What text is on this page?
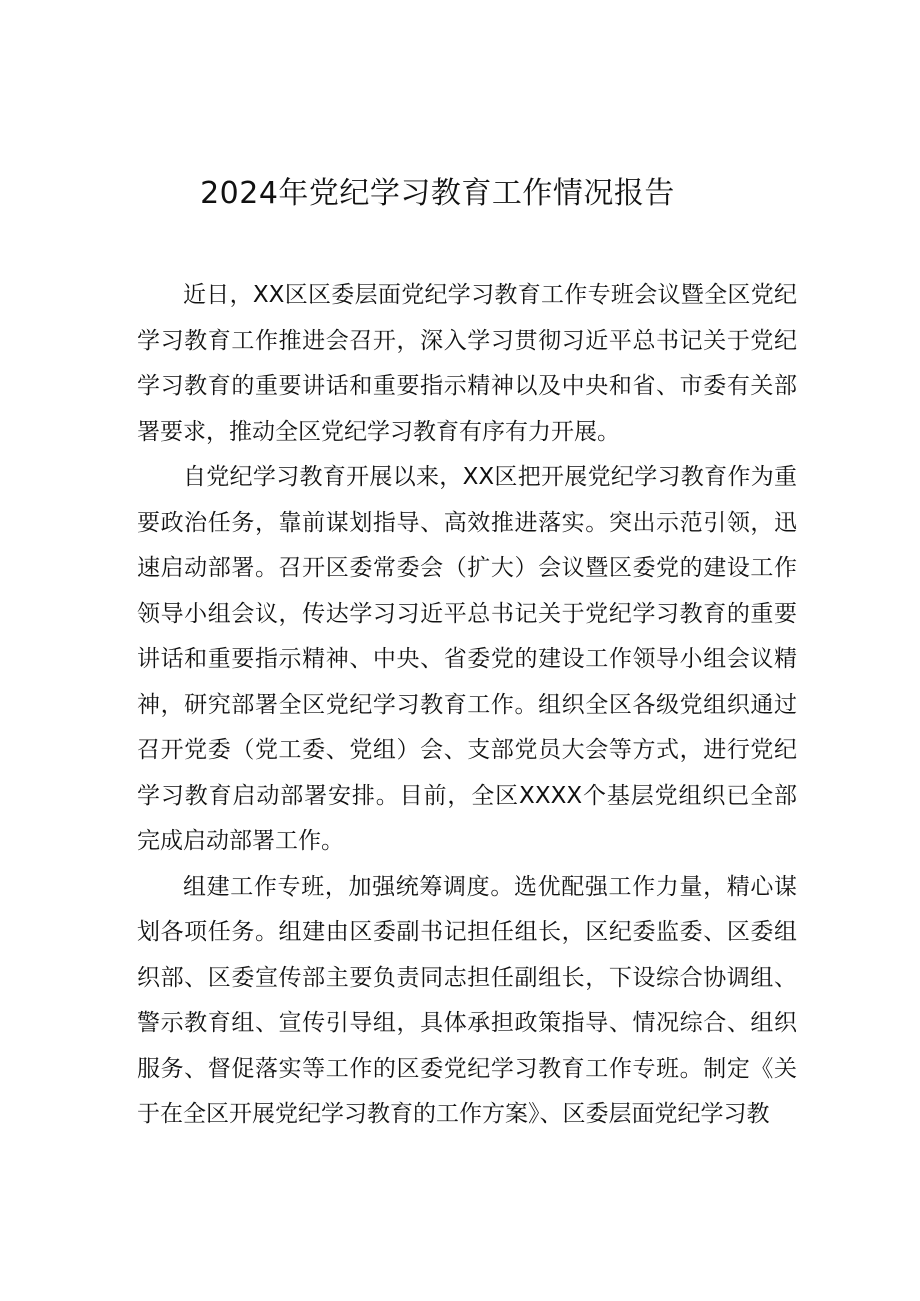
2024年党纪学习教育工作情况报告

近日，XX区区委层面党纪学习教育工作专班会议暨全区党纪学习教育工作推进会召开，深入学习贯彻习近平总书记关于党纪学习教育的重要讲话和重要指示精神以及中央和省、市委有关部署要求，推动全区党纪学习教育有序有力开展。

自党纪学习教育开展以来，XX区把开展党纪学习教育作为重要政治任务，靠前谋划指导、高效推进落实。突出示范引领，迅速启动部署。召开区委常委会（扩大）会议暨区委党的建设工作领导小组会议，传达学习习近平总书记关于党纪学习教育的重要讲话和重要指示精神、中央、省委党的建设工作领导小组会议精神，研究部署全区党纪学习教育工作。组织全区各级党组织通过召开党委（党工委、党组）会、支部党员大会等方式，进行党纪学习教育启动部署安排。目前，全区XXXX个基层党组织已全部完成启动部署工作。

组建工作专班，加强统筹调度。选优配强工作力量，精心谋划各项任务。组建由区委副书记担任组长，区纪委监委、区委组织部、区委宣传部主要负责同志担任副组长，下设综合协调组、警示教育组、宣传引导组，具体承担政策指导、情况综合、组织服务、督促落实等工作的区委党纪学习教育工作专班。制定《关于在全区开展党纪学习教育的工作方案》、区委层面党纪学习教
